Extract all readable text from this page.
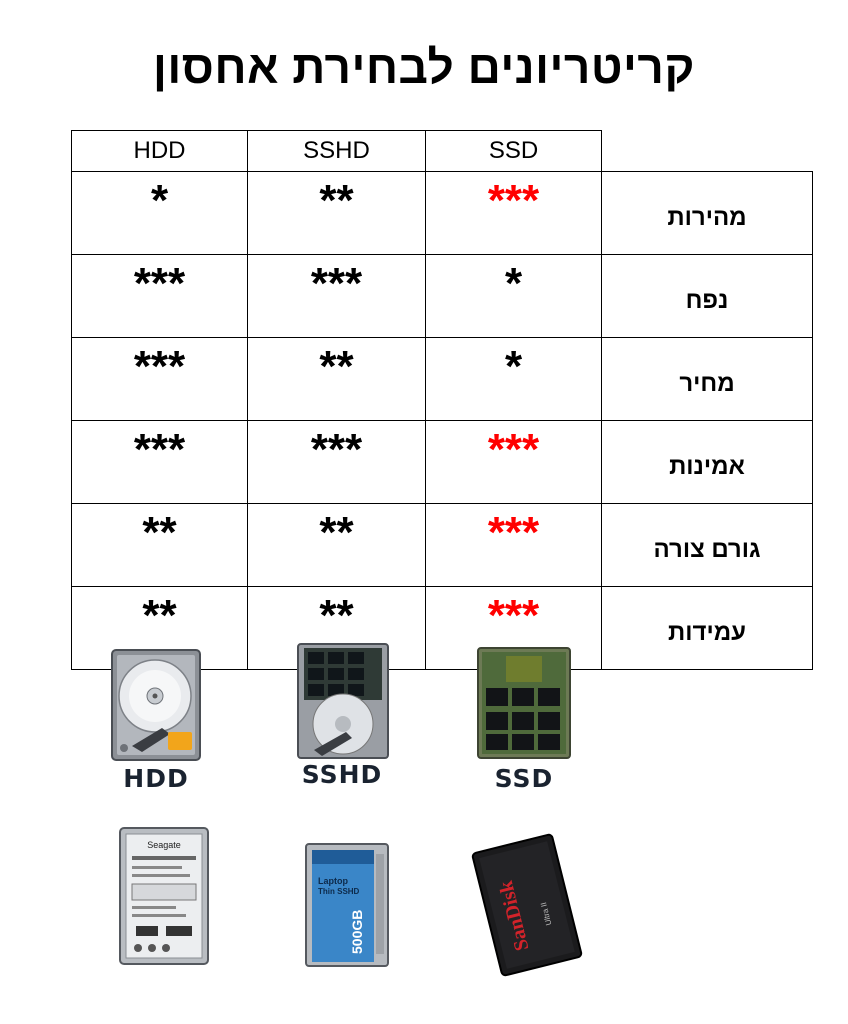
קריטריונים לבחירת אחסון
HDD	SSHD	SSD	
*	**	***	מהירות
***	***	*	נפח
***	**	*	מחיר
***	***	***	אמינות
**	**	***	גורם צורה
**	**	***	עמידות
HDD	SSHD	SSD
Seagate
Laptop
Thin SSHD
500GB	SanDisk Ultra II
